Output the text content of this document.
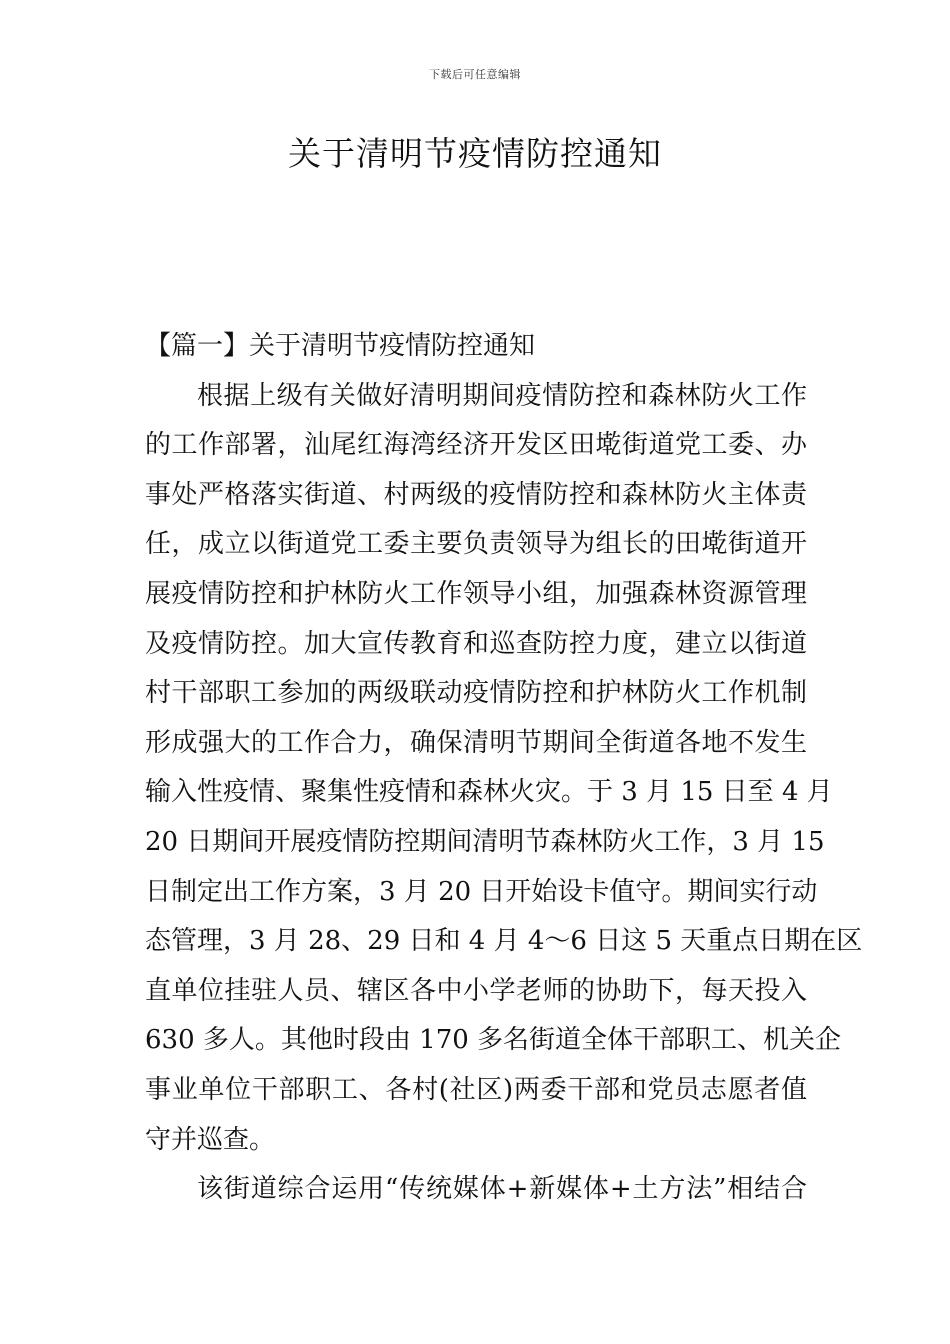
下载后可任意编辑
关于清明节疫情防控通知
【篇一】关于清明节疫情防控通知
根据上级有关做好清明期间疫情防控和森林防火工作
的工作部署，汕尾红海湾经济开发区田墘街道党工委、办
事处严格落实街道、村两级的疫情防控和森林防火主体责
任，成立以街道党工委主要负责领导为组长的田墘街道开
展疫情防控和护林防火工作领导小组，加强森林资源管理
及疫情防控。加大宣传教育和巡查防控力度，建立以街道
村干部职工参加的两级联动疫情防控和护林防火工作机制
形成强大的工作合力，确保清明节期间全街道各地不发生
输入性疫情、聚集性疫情和森林火灾。于 3 月 15 日至 4 月
20 日期间开展疫情防控期间清明节森林防火工作，3 月 15
日制定出工作方案，3 月 20 日开始设卡值守。期间实行动
态管理，3 月 28、29 日和 4 月 4～6 日这 5 天重点日期在区
直单位挂驻人员、辖区各中小学老师的协助下，每天投入
630 多人。其他时段由 170 多名街道全体干部职工、机关企
事业单位干部职工、各村(社区)两委干部和党员志愿者值
守并巡查。
该街道综合运用“传统媒体+新媒体+土方法”相结合
